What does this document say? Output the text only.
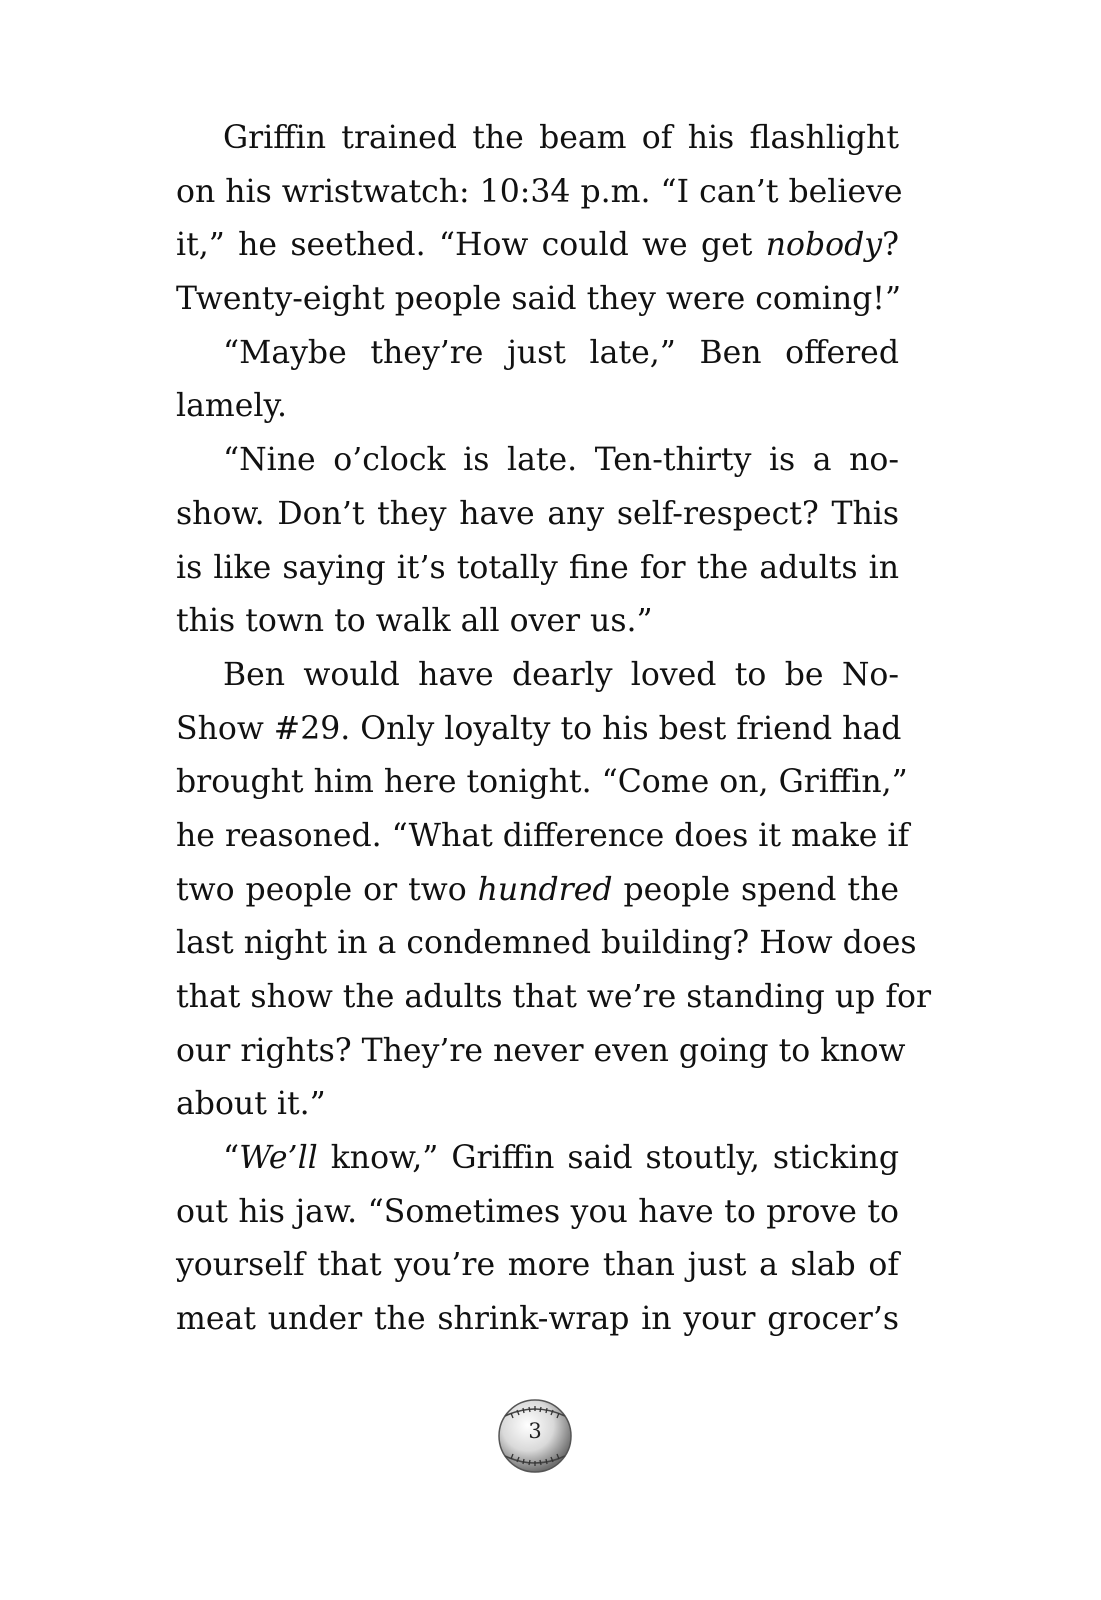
Griffin trained the beam of his flashlight
on his wristwatch: 10:34 p.m. “I can’t believe
it,” he seethed. “How could we get nobody?
Twenty-eight people said they were coming!”
“Maybe they’re just late,” Ben offered
lamely.
“Nine o’clock is late. Ten-thirty is a no-
show. Don’t they have any self-respect? This
is like saying it’s totally fine for the adults in
this town to walk all over us.”
Ben would have dearly loved to be No-
Show #29. Only loyalty to his best friend had
brought him here tonight. “Come on, Griffin,”
he reasoned. “What difference does it make if
two people or two hundred people spend the
last night in a condemned building? How does
that show the adults that we’re standing up for
our rights? They’re never even going to know
about it.”
“We’ll know,” Griffin said stoutly, sticking
out his jaw. “Sometimes you have to prove to
yourself that you’re more than just a slab of
meat under the shrink-wrap in your grocer’s
3
